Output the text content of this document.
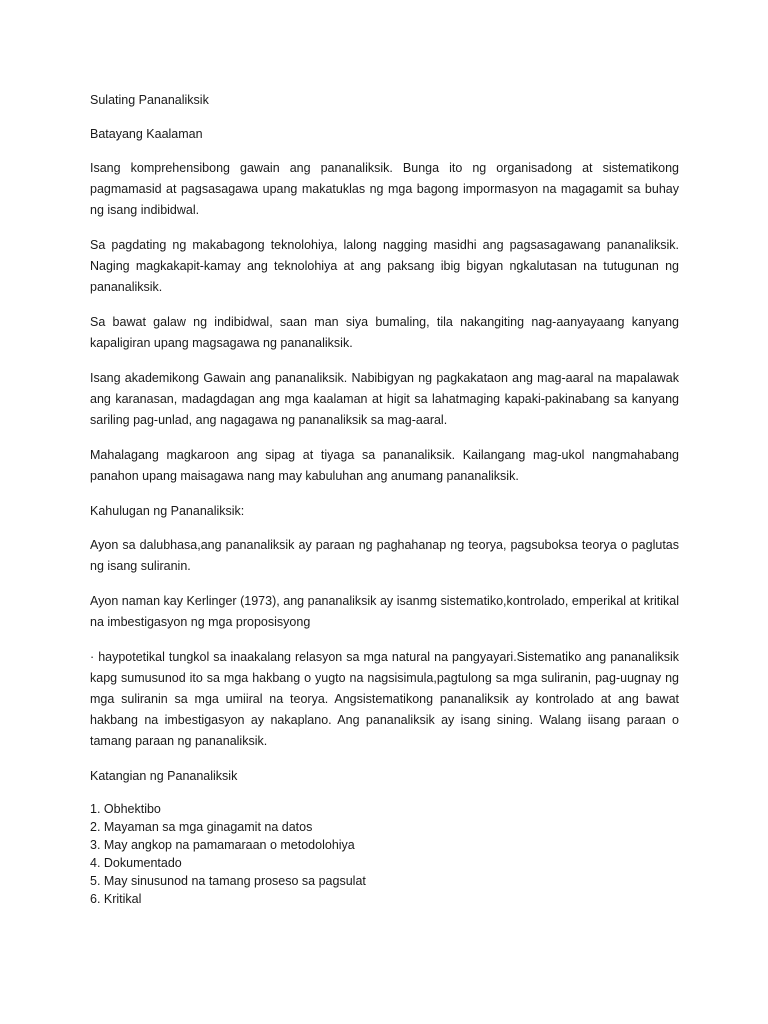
Sulating Pananaliksik
Batayang Kaalaman

Isang komprehensibong gawain ang pananaliksik. Bunga ito ng organisadong at sistematikong pagmamasid at pagsasagawa upang makatuklas ng mga bagong impormasyon na magagamit sa buhay ng isang indibidwal.

Sa pagdating ng makabagong teknolohiya, lalong nagging masidhi ang pagsasagawang pananaliksik. Naging magkakapit-kamay ang teknolohiya at ang paksang ibig bigyan ngkalutasan na tutugunan ng pananaliksik.

Sa bawat galaw ng indibidwal, saan man siya bumaling, tila nakangiting nag-aanyayaang kanyang kapaligiran upang magsagawa ng pananaliksik.

Isang akademikong Gawain ang pananaliksik. Nabibigyan ng pagkakataon ang mag-aaral na mapalawak ang karanasan, madagdagan ang mga kaalaman at higit sa lahatmaging kapaki-pakinabang sa kanyang sariling pag-unlad, ang nagagawa ng pananaliksik sa mag-aaral.

Mahalagang magkaroon ang sipag at tiyaga sa pananaliksik. Kailangang mag-ukol nangmahabang panahon upang maisagawa nang may kabuluhan ang anumang pananaliksik.

Kahulugan ng Pananaliksik:

Ayon sa dalubhasa,ang pananaliksik ay paraan ng paghahanap ng teorya, pagsuboksa teorya o paglutas ng isang suliranin.

Ayon naman kay Kerlinger (1973), ang pananaliksik ay isanmg sistematiko,kontrolado, emperikal at kritikal na imbestigasyon ng mga proposisyong

· haypotetikal tungkol sa inaakalang relasyon sa mga natural na pangyayari.Sistematiko ang pananaliksik kapg sumusunod ito sa mga hakbang o yugto na nagsisimula,pagtulong sa mga suliranin, pag-uugnay ng mga suliranin sa mga umiiral na teorya. Angsistematikong pananaliksik ay kontrolado at ang bawat hakbang na imbestigasyon ay nakaplano. Ang pananaliksik ay isang sining. Walang iisang paraan o tamang paraan ng pananaliksik.

Katangian ng Pananaliksik
1. Obhektibo
2. Mayaman sa mga ginagamit na datos
3. May angkop na pamamaraan o metodolohiya
4. Dokumentado
5. May sinusunod na tamang proseso sa pagsulat
6. Kritikal
